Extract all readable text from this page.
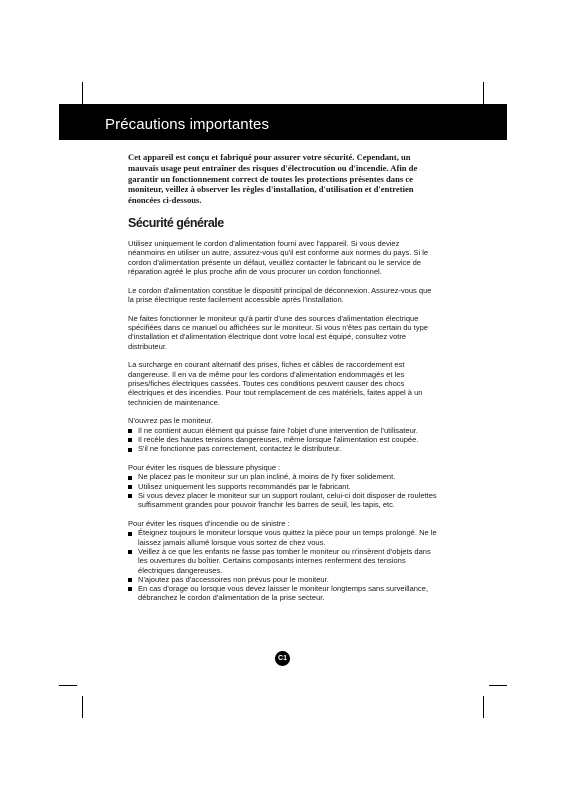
Précautions importantes

Cet appareil est conçu et fabriqué pour assurer votre sécurité. Cependant, un mauvais usage peut entraîner des risques d'électrocution ou d'incendie. Afin de garantir un fonctionnement correct de toutes les protections présentes dans ce moniteur, veillez à observer les règles d'installation, d'utilisation et d'entretien énoncées ci-dessous.

Sécurité générale

Utilisez uniquement le cordon d'alimentation fourni avec l'appareil. Si vous deviez néanmoins en utiliser un autre, assurez-vous qu'il est conforme aux normes du pays. Si le cordon d'alimentation présente un défaut, veuillez contacter le fabricant ou le service de réparation agréé le plus proche afin de vous procurer un cordon fonctionnel.

Le cordon d'alimentation constitue le dispositif principal de déconnexion. Assurez-vous que la prise électrique reste facilement accessible après l'installation.

Ne faites fonctionner le moniteur qu'à partir d'une des sources d'alimentation électrique spécifiées dans ce manuel ou affichées sur le moniteur. Si vous n'êtes pas certain du type d'installation et d'alimentation électrique dont votre local est équipé, consultez votre distributeur.

La surcharge en courant alternatif des prises, fiches et câbles de raccordement est dangereuse. Il en va de même pour les cordons d'alimentation endommagés et les prises/fiches électriques cassées. Toutes ces conditions peuvent causer des chocs électriques et des incendies. Pour tout remplacement de ces matériels, faites appel à un technicien de maintenance.

N'ouvrez pas le moniteur.

Il ne contient aucun élément qui puisse faire l'objet d'une intervention de l'utilisateur.
Il recèle des hautes tensions dangereuses, même lorsque l'alimentation est coupée.
S'il ne fonctionne pas correctement, contactez le distributeur.

Pour éviter les risques de blessure physique :

Ne placez pas le moniteur sur un plan incliné, à moins de l'y fixer solidement.
Utilisez uniquement les supports recommandés par le fabricant.
Si vous devez placer le moniteur sur un support roulant, celui-ci doit disposer de roulettes suffisamment grandes pour pouvoir franchir les barres de seuil, les tapis, etc.

Pour éviter les risques d'incendie ou de sinistre :

Éteignez toujours le moniteur lorsque vous quittez la pièce pour un temps prolongé. Ne le laissez jamais allumé lorsque vous sortez de chez vous.
Veillez à ce que les enfants ne fasse pas tomber le moniteur ou n'insèrent d'objets dans les ouvertures du boîtier. Certains composants internes renferment des tensions électriques dangereuses.
N'ajoutez pas d'accessoires non prévus pour le moniteur.
En cas d'orage ou lorsque vous devez laisser le moniteur longtemps sans surveillance, débranchez le cordon d'alimentation de la prise secteur.
C1
